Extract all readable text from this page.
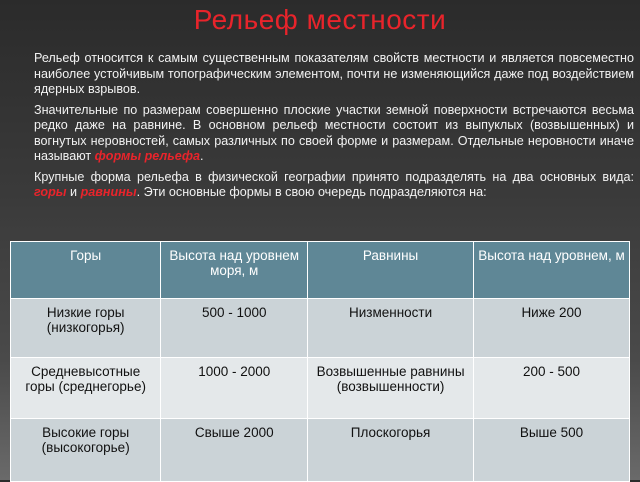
Рельеф местности

Рельеф относится к самым существенным показателям свойств местности и является повсеместно наиболее устойчивым топографическим элементом, почти не изменяющийся даже под воздействием ядерных взрывов.

Значительные по размерам совершенно плоские участки земной поверхности встречаются весьма редко даже на равнине. В основном рельеф местности состоит из выпуклых (возвышенных) и вогнутых неровностей, самых различных по своей форме и размерам. Отдельные неровности иначе называют формы рельефа.

Крупные форма рельефа в физической географии принято подразделять на два основных вида: горы и равнины. Эти основные формы в свою очередь подразделяются на:

Горы	Высота над уровнем моря, м	Равнины	Высота над уровнем, м
Низкие горы (низкогорья)	500 - 1000	Низменности	Ниже 200
Средневысотные горы (среднегорье)	1000 - 2000	Возвышенные равнины (возвышенности)	200 - 500
Высокие горы (высокогорье)	Свыше 2000	Плоскогорья	Выше 500
